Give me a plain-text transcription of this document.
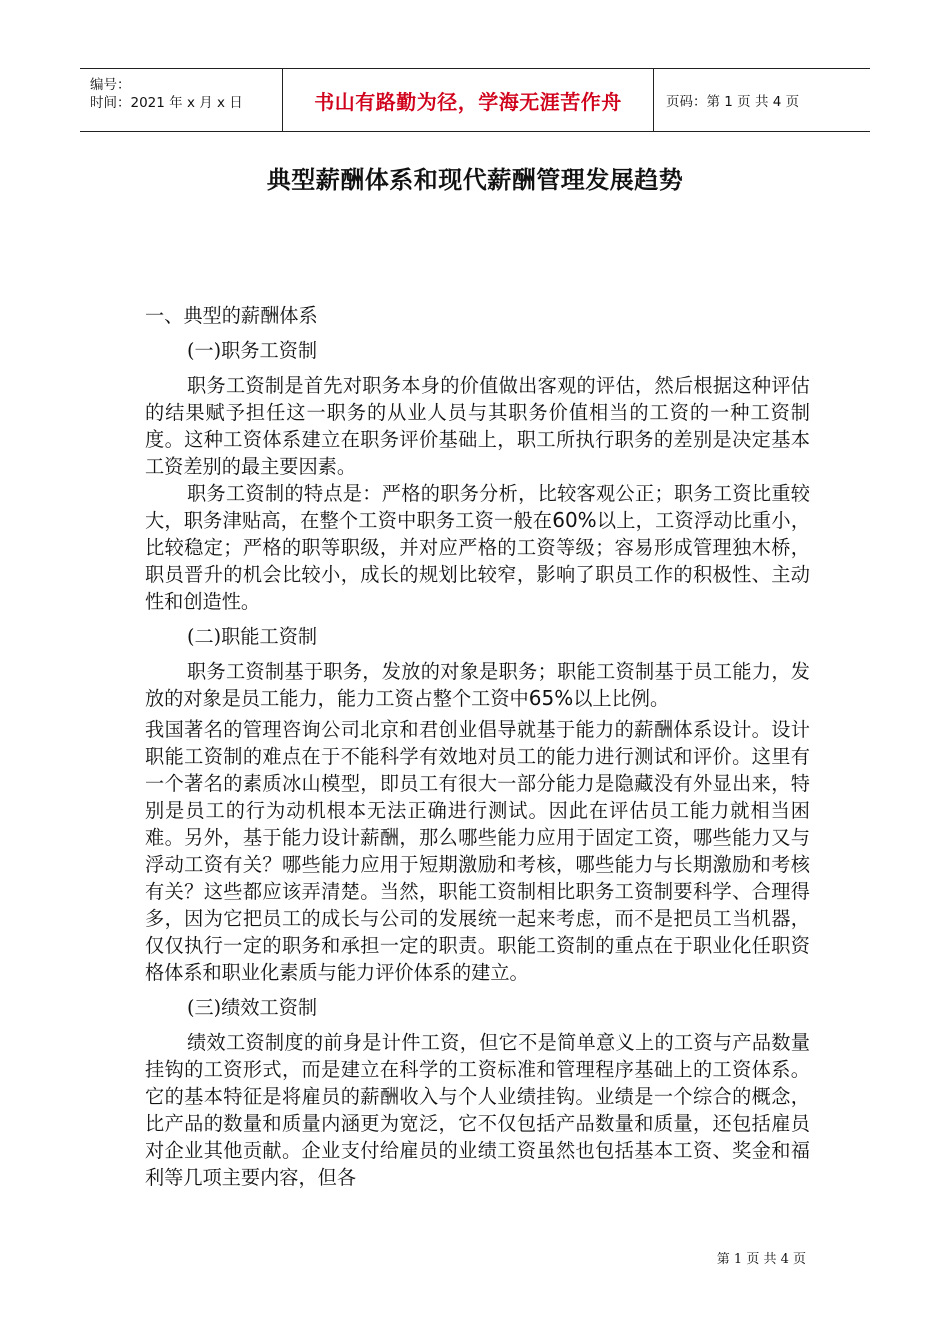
编号：
时间：2021 年 x 月 x 日	书山有路勤为径，学海无涯苦作舟	页码：第 1 页 共 4 页
典型薪酬体系和现代薪酬管理发展趋势

一、典型的薪酬体系

(一)职务工资制

职务工资制是首先对职务本身的价值做出客观的评估，然后根据这种评估的结果赋予担任这一职务的从业人员与其职务价值相当的工资的一种工资制度。这种工资体系建立在职务评价基础上，职工所执行职务的差别是决定基本工资差别的最主要因素。

职务工资制的特点是：严格的职务分析，比较客观公正；职务工资比重较大，职务津贴高，在整个工资中职务工资一般在60%以上，工资浮动比重小，比较稳定；严格的职等职级，并对应严格的工资等级；容易形成管理独木桥，职员晋升的机会比较小，成长的规划比较窄，影响了职员工作的积极性、主动性和创造性。

(二)职能工资制

职务工资制基于职务，发放的对象是职务；职能工资制基于员工能力，发放的对象是员工能力，能力工资占整个工资中65%以上比例。

我国著名的管理咨询公司北京和君创业倡导就基于能力的薪酬体系设计。设计职能工资制的难点在于不能科学有效地对员工的能力进行测试和评价。这里有一个著名的素质冰山模型，即员工有很大一部分能力是隐藏没有外显出来，特别是员工的行为动机根本无法正确进行测试。因此在评估员工能力就相当困难。另外，基于能力设计薪酬，那么哪些能力应用于固定工资，哪些能力又与浮动工资有关？哪些能力应用于短期激励和考核，哪些能力与长期激励和考核有关？这些都应该弄清楚。当然，职能工资制相比职务工资制要科学、合理得多，因为它把员工的成长与公司的发展统一起来考虑，而不是把员工当机器，仅仅执行一定的职务和承担一定的职责。职能工资制的重点在于职业化任职资格体系和职业化素质与能力评价体系的建立。

(三)绩效工资制

绩效工资制度的前身是计件工资，但它不是简单意义上的工资与产品数量挂钩的工资形式，而是建立在科学的工资标准和管理程序基础上的工资体系。它的基本特征是将雇员的薪酬收入与个人业绩挂钩。业绩是一个综合的概念，比产品的数量和质量内涵更为宽泛，它不仅包括产品数量和质量，还包括雇员对企业其他贡献。企业支付给雇员的业绩工资虽然也包括基本工资、奖金和福利等几项主要内容，但各

第 1 页 共 4 页
